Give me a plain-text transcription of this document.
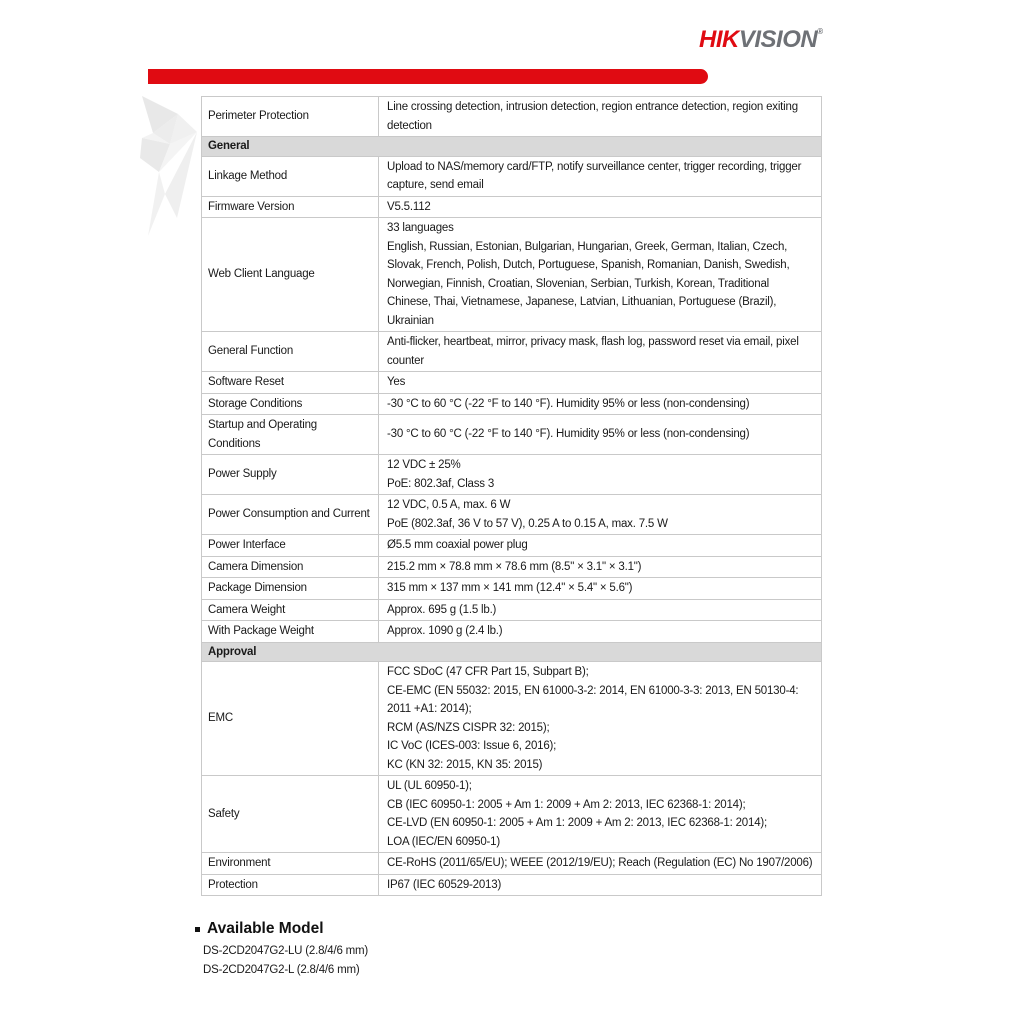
HIKVISION®
Perimeter Protection	Line crossing detection, intrusion detection, region entrance detection, region exiting detection

General	
Linkage Method	Upload to NAS/memory card/FTP, notify surveillance center, trigger recording, trigger capture, send email

Firmware Version	V5.5.112

Web Client Language	33 languages
English, Russian, Estonian, Bulgarian, Hungarian, Greek, German, Italian, Czech, Slovak, French, Polish, Dutch, Portuguese, Spanish, Romanian, Danish, Swedish, Norwegian, Finnish, Croatian, Slovenian, Serbian, Turkish, Korean, Traditional Chinese, Thai, Vietnamese, Japanese, Latvian, Lithuanian, Portuguese (Brazil), Ukrainian

General Function	Anti-flicker, heartbeat, mirror, privacy mask, flash log, password reset via email, pixel counter

Software Reset	Yes

Storage Conditions	-30 °C to 60 °C (-22 °F to 140 °F). Humidity 95% or less (non-condensing)

Startup and Operating Conditions	-30 °C to 60 °C (-22 °F to 140 °F). Humidity 95% or less (non-condensing)

Power Supply	12 VDC ± 25%
PoE: 802.3af, Class 3

Power Consumption and Current	12 VDC, 0.5 A, max. 6 W
PoE (802.3af, 36 V to 57 V), 0.25 A to 0.15 A, max. 7.5 W

Power Interface	Ø5.5 mm coaxial power plug

Camera Dimension	215.2 mm × 78.8 mm × 78.6 mm (8.5" × 3.1" × 3.1")

Package Dimension	315 mm × 137 mm × 141 mm (12.4" × 5.4" × 5.6")

Camera Weight	Approx. 695 g (1.5 lb.)

With Package Weight	Approx. 1090 g (2.4 lb.)

Approval	
EMC	FCC SDoC (47 CFR Part 15, Subpart B);
CE-EMC (EN 55032: 2015, EN 61000-3-2: 2014, EN 61000-3-3: 2013, EN 50130-4: 2011 +A1: 2014);
RCM (AS/NZS CISPR 32: 2015);
IC VoC (ICES-003: Issue 6, 2016);
KC (KN 32: 2015, KN 35: 2015)

Safety	UL (UL 60950-1);
CB (IEC 60950-1: 2005 + Am 1: 2009 + Am 2: 2013, IEC 62368-1: 2014);
CE-LVD (EN 60950-1: 2005 + Am 1: 2009 + Am 2: 2013, IEC 62368-1: 2014);
LOA (IEC/EN 60950-1)

Environment	CE-RoHS (2011/65/EU); WEEE (2012/19/EU); Reach (Regulation (EC) No 1907/2006)

Protection	IP67 (IEC 60529-2013)
Available Model
DS-2CD2047G2-LU (2.8/4/6 mm)
DS-2CD2047G2-L (2.8/4/6 mm)
